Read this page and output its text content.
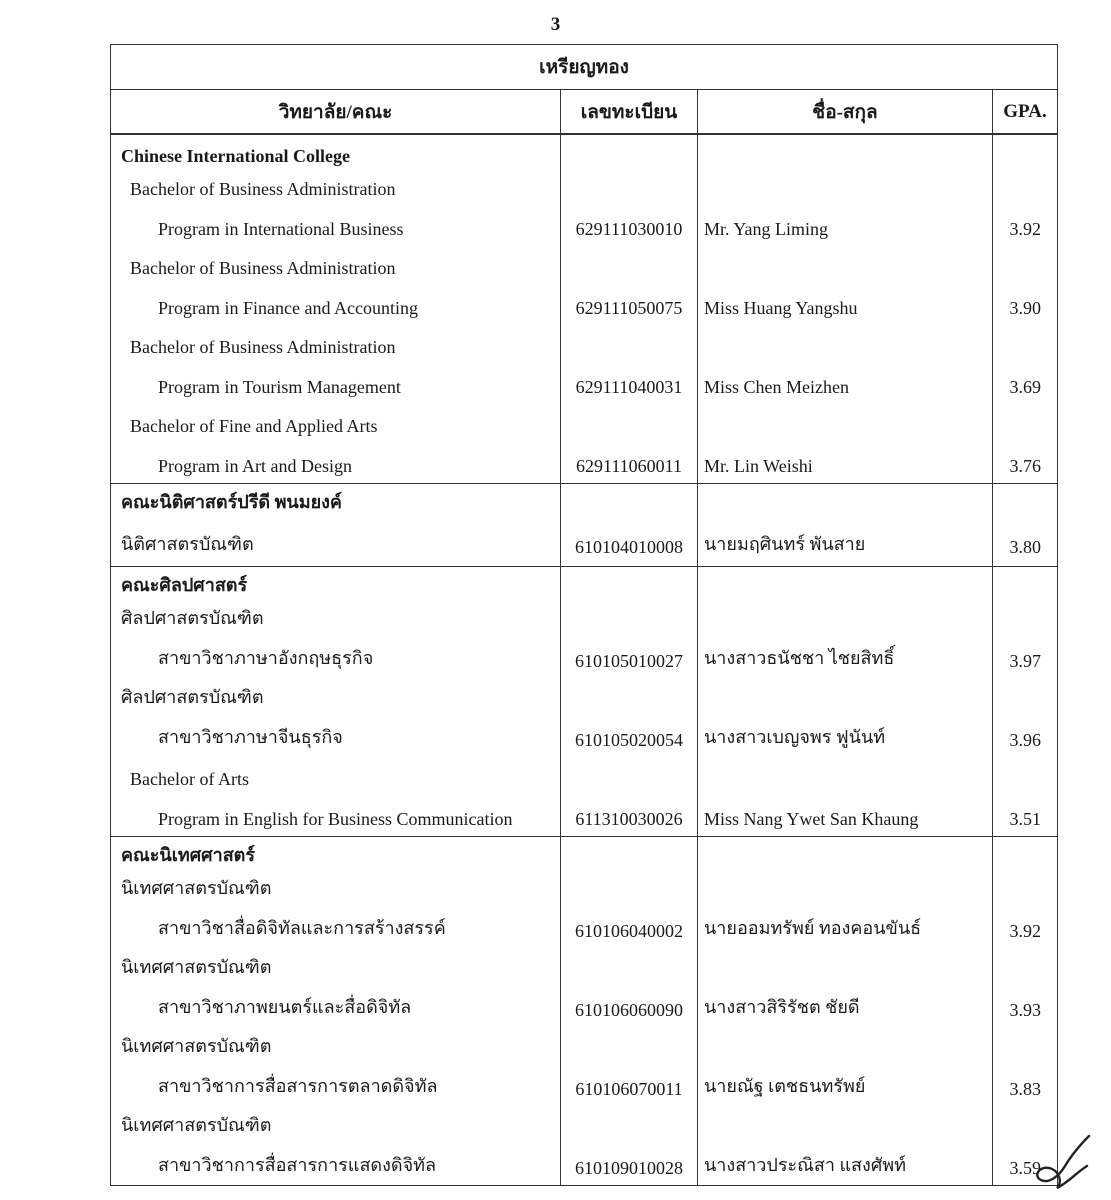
3
เหรียญทอง			
วิทยาลัย/คณะ	เลขทะเบียน	ชื่อ-สกุล	GPA.
Chinese International College			
Bachelor of Business Administration			
Program in International Business	629111030010	Mr. Yang Liming	3.92
Bachelor of Business Administration			
Program in Finance and Accounting	629111050075	Miss Huang Yangshu	3.90
Bachelor of Business Administration			
Program in Tourism Management	629111040031	Miss Chen Meizhen	3.69
Bachelor of Fine and Applied Arts			
Program in Art and Design	629111060011	Mr. Lin Weishi	3.76
คณะนิติศาสตร์ปรีดี พนมยงค์			
นิติศาสตรบัณฑิต	610104010008	นายมฤศินทร์ พันสาย	3.80
คณะศิลปศาสตร์			
ศิลปศาสตรบัณฑิต			
สาขาวิชาภาษาอังกฤษธุรกิจ	610105010027	นางสาวธนัชชา ไชยสิทธิ์	3.97
ศิลปศาสตรบัณฑิต			
สาขาวิชาภาษาจีนธุรกิจ	610105020054	นางสาวเบญจพร ฟูนันท์	3.96
Bachelor of Arts			
Program in English for Business Communication	611310030026	Miss Nang Ywet San Khaung	3.51
คณะนิเทศศาสตร์			
นิเทศศาสตรบัณฑิต			
สาขาวิชาสื่อดิจิทัลและการสร้างสรรค์	610106040002	นายออมทรัพย์ ทองคอนขันธ์	3.92
นิเทศศาสตรบัณฑิต			
สาขาวิชาภาพยนตร์และสื่อดิจิทัล	610106060090	นางสาวสิริรัชต ชัยดี	3.93
นิเทศศาสตรบัณฑิต			
สาขาวิชาการสื่อสารการตลาดดิจิทัล	610106070011	นายณัฐ เตชธนทรัพย์	3.83
นิเทศศาสตรบัณฑิต			
สาขาวิชาการสื่อสารการแสดงดิจิทัล	610109010028	นางสาวประณิสา แสงศัพท์	3.59
